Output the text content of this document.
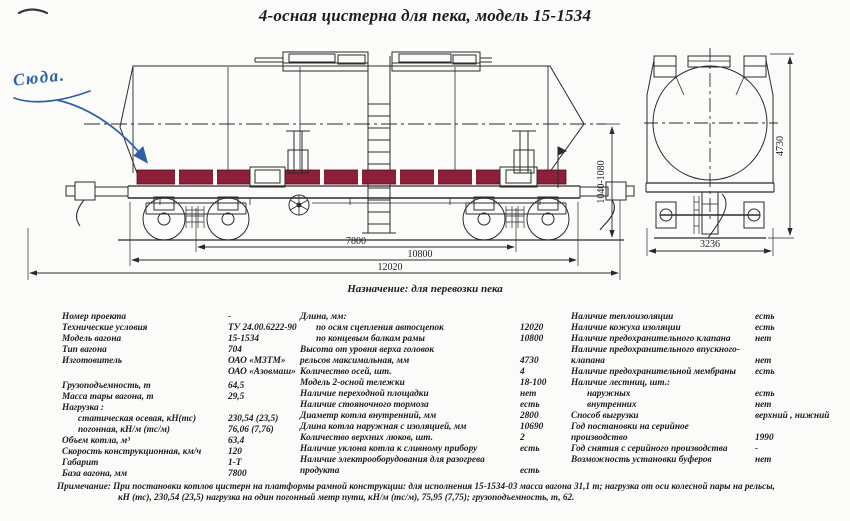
4-осная цистерна для пека, модель 15-1534
Сюда.
7800
10800
12020
1040-1080
3236
4730
Назначение: для перевозки пека
Номер проекта	-
Технические условия	ТУ 24.00.6222-90
Модель вагона	15-1534
Тип вагона	704
Изготовитель	ОАО «МЗТМ»
ОАО «Азовмаш»
Грузоподъемность, т	64,5
Масса тары вагона, т	29,5
Нагрузка :
статическая осевая, кН(тс)	230,54 (23,5)
погонная, кН/м (тс/м)	76,06 (7,76)
Объем котла, м³	63,4
Скорость конструкционная, км/ч	120
Габарит	1-Т
База вагона, мм	7800
Длина, мм:
по осям сцепления автосцепок	12020
по концевым балкам рамы	10800
Высота от уровня верха головок
рельсов максимальная, мм	4730
Количество осей, шт.	4
Модель 2-осной тележки	18-100
Наличие переходной площадки	нет
Наличие стояночного тормоза	есть
Диаметр котла внутренний, мм	2800
Длина котла наружная с изоляцией, мм	10690
Количество верхних люков, шт.	2
Наличие уклона котла к сливному прибору	есть
Наличие электрооборудования для разогрева
продукта	есть
Наличие теплоизоляции	есть
Наличие кожуха изоляции	есть
Наличие предохранительного клапана	нет
Наличие предохранительного впускного-
клапана	нет
Наличие предохранительной мембраны	есть
Наличие лестниц, шт.:
наружных	есть
внутренних	нет
Способ выгрузки	верхний , нижний
Год постановки на серийное
производство	1990
Год снятия с серийного производства	-
Возможность установки буферов	нет
Примечание: При постановки котлов цистерн на платформы рамной конструкции: для исполнения 15-1534-03 масса вагона 31,1 т; нагрузка от оси колесной пары на рельсы,
кН (тс), 230,54 (23,5) нагрузка на один погонный метр пути, кН/м (тс/м), 75,95 (7,75); грузоподъемность, т, 62.
